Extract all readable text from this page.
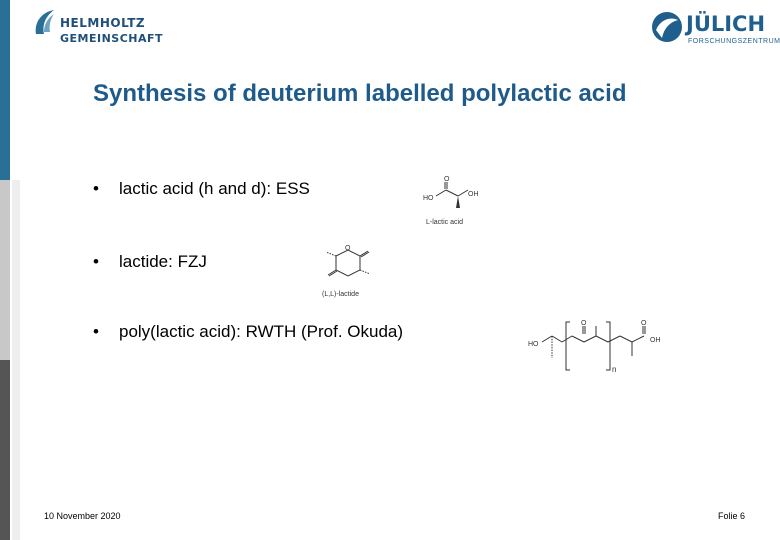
HELMHOLTZ
GEMEINSCHAFT
JÜLICH
FORSCHUNGSZENTRUM
Synthesis of deuterium labelled polylactic acid
• lactic acid (h and d): ESS
• lactide: FZJ
• poly(lactic acid): RWTH (Prof. Okuda)
O
HO
OH
L-lactic acid
O
(L,L)-lactide
HO
O	O
OH
n
10 November 2020	Folie 6
